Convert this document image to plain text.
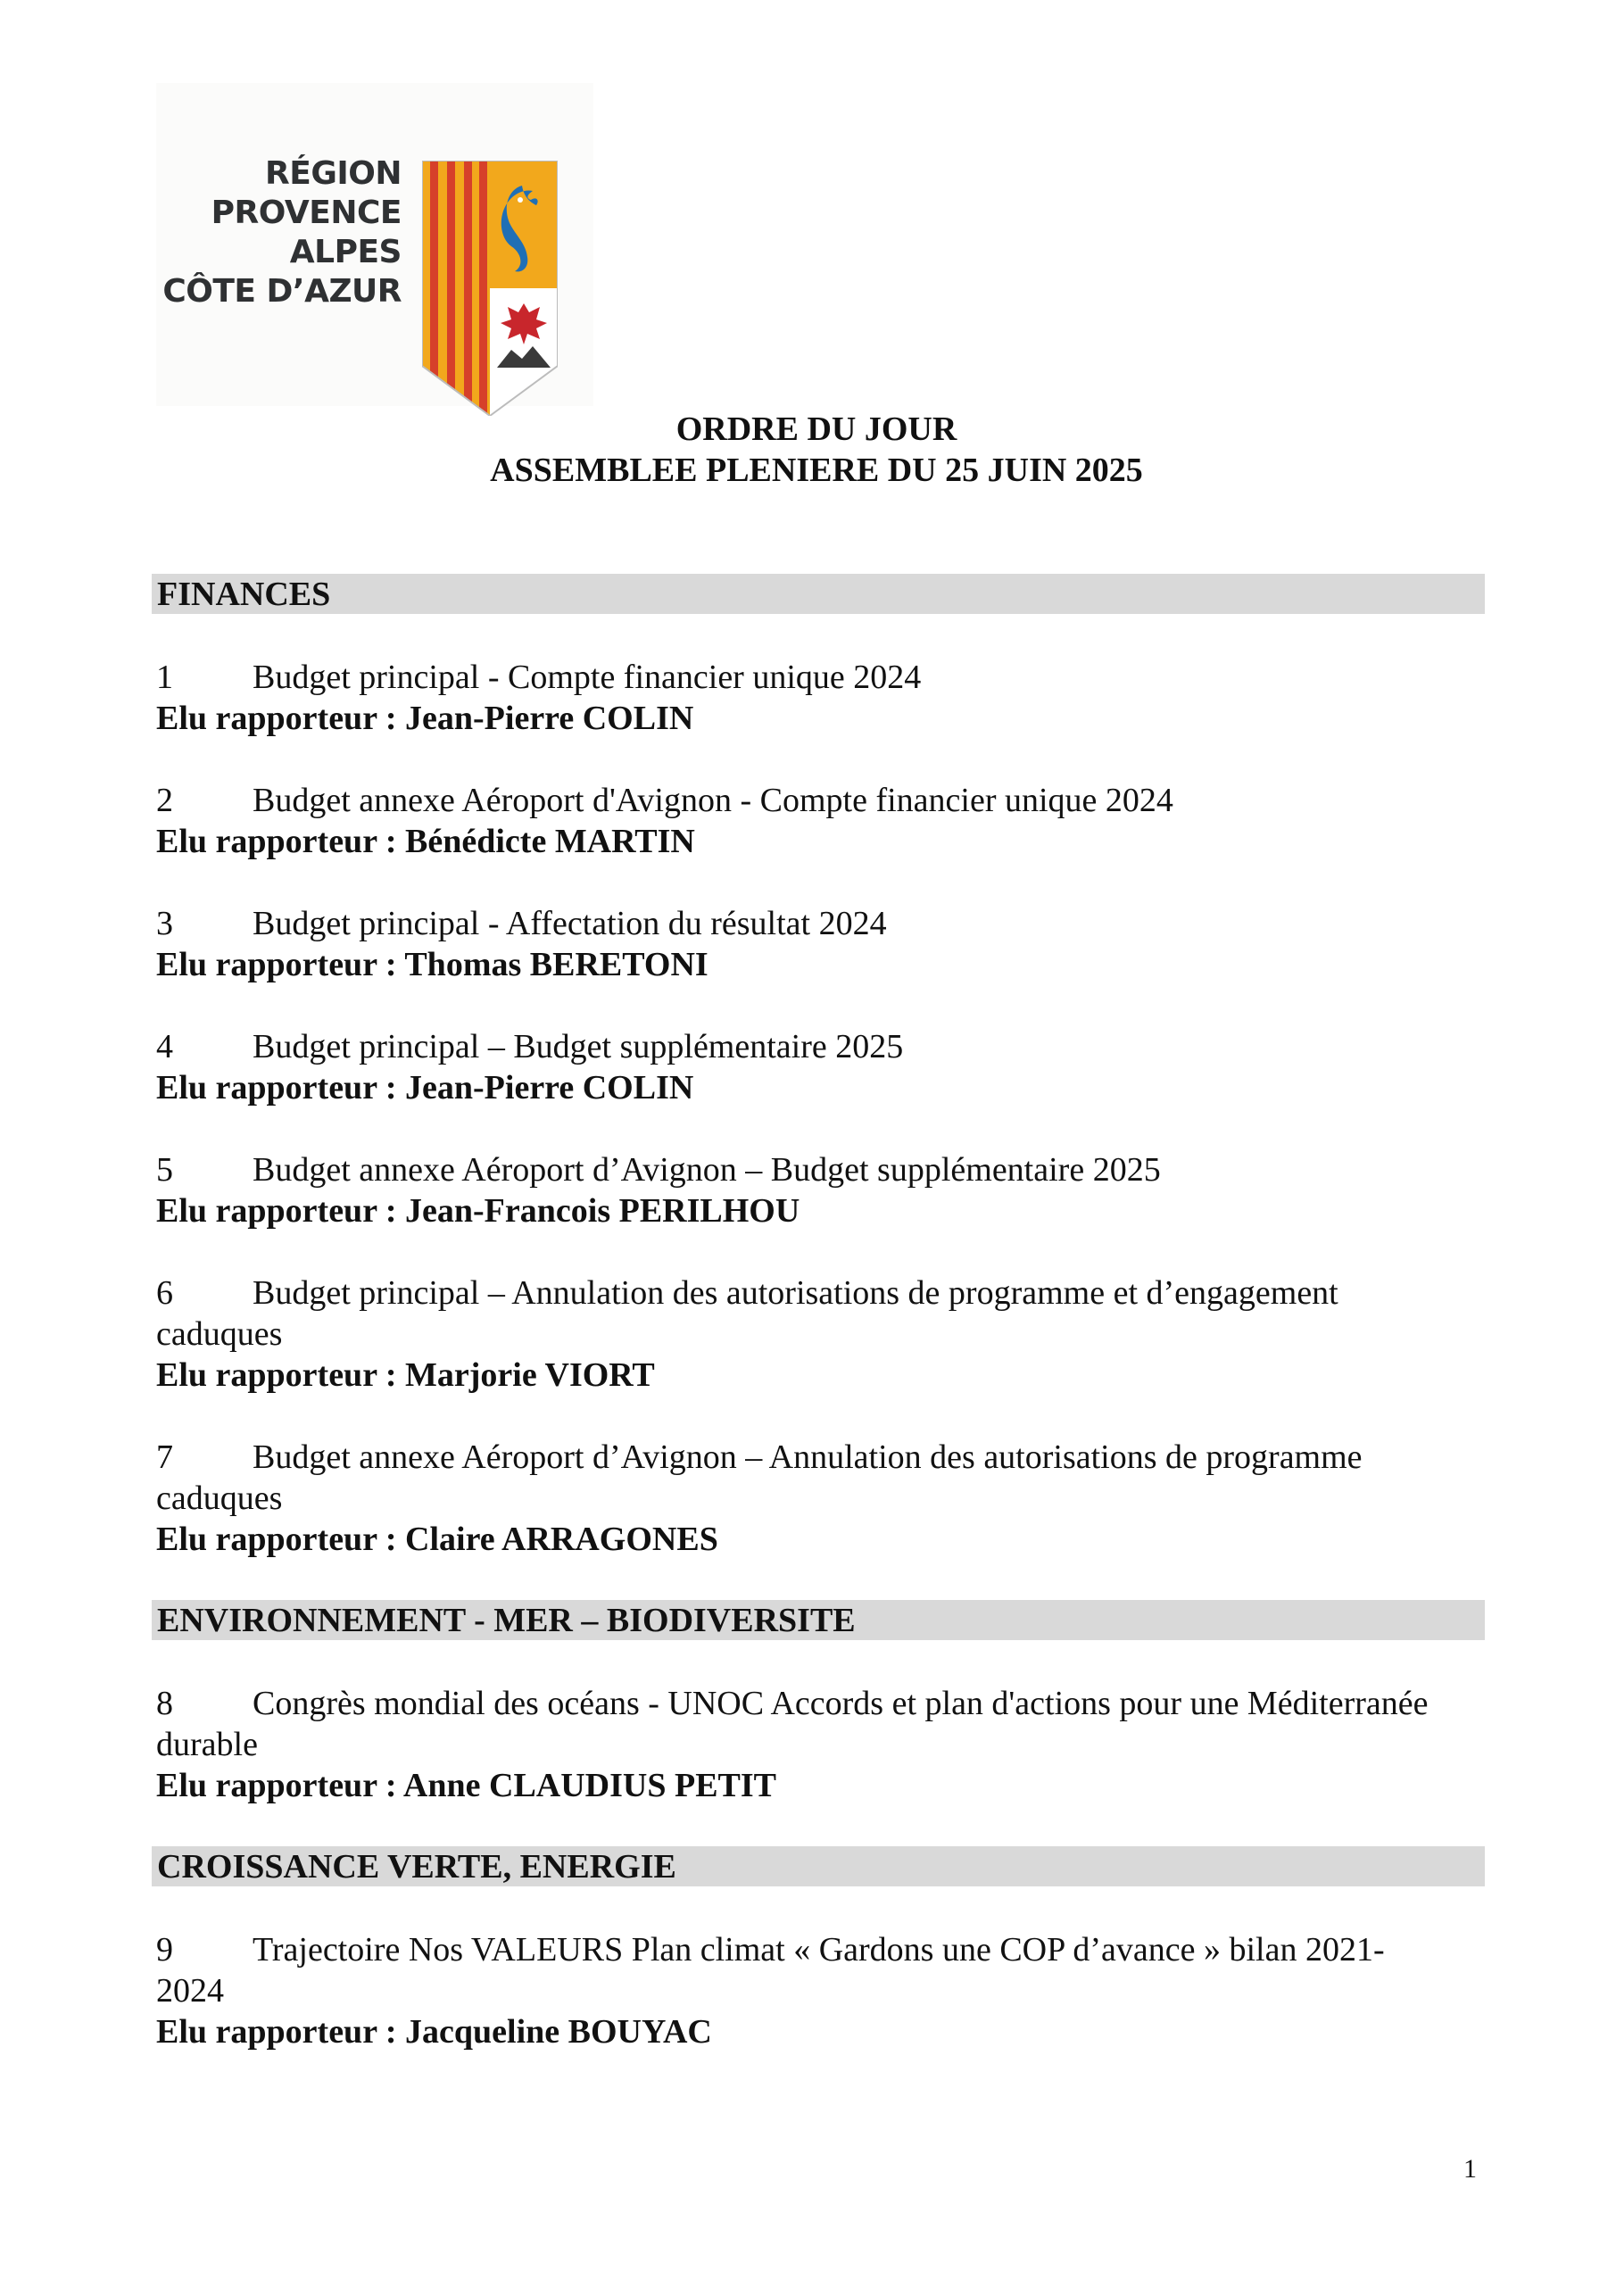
RÉGION
PROVENCE
ALPES
CÔTE D’AZUR
ORDRE DU JOUR
ASSEMBLEE PLENIERE DU 25 JUIN 2025
FINANCES
1 Budget principal - Compte financier unique 2024
Elu rapporteur : Jean-Pierre COLIN
2 Budget annexe Aéroport d'Avignon - Compte financier unique 2024
Elu rapporteur : Bénédicte MARTIN
3 Budget principal - Affectation du résultat 2024
Elu rapporteur : Thomas BERETONI
4 Budget principal – Budget supplémentaire 2025
Elu rapporteur : Jean-Pierre COLIN
5 Budget annexe Aéroport d’Avignon – Budget supplémentaire 2025
Elu rapporteur : Jean-Francois PERILHOU
6 Budget principal – Annulation des autorisations de programme et d’engagement
caduques
Elu rapporteur : Marjorie VIORT
7 Budget annexe Aéroport d’Avignon – Annulation des autorisations de programme
caduques
Elu rapporteur : Claire ARRAGONES
ENVIRONNEMENT - MER – BIODIVERSITE
8 Congrès mondial des océans - UNOC Accords et plan d'actions pour une Méditerranée
durable
Elu rapporteur : Anne CLAUDIUS PETIT
CROISSANCE VERTE, ENERGIE
9 Trajectoire Nos VALEURS Plan climat « Gardons une COP d’avance » bilan 2021-
2024
Elu rapporteur : Jacqueline BOUYAC
1
